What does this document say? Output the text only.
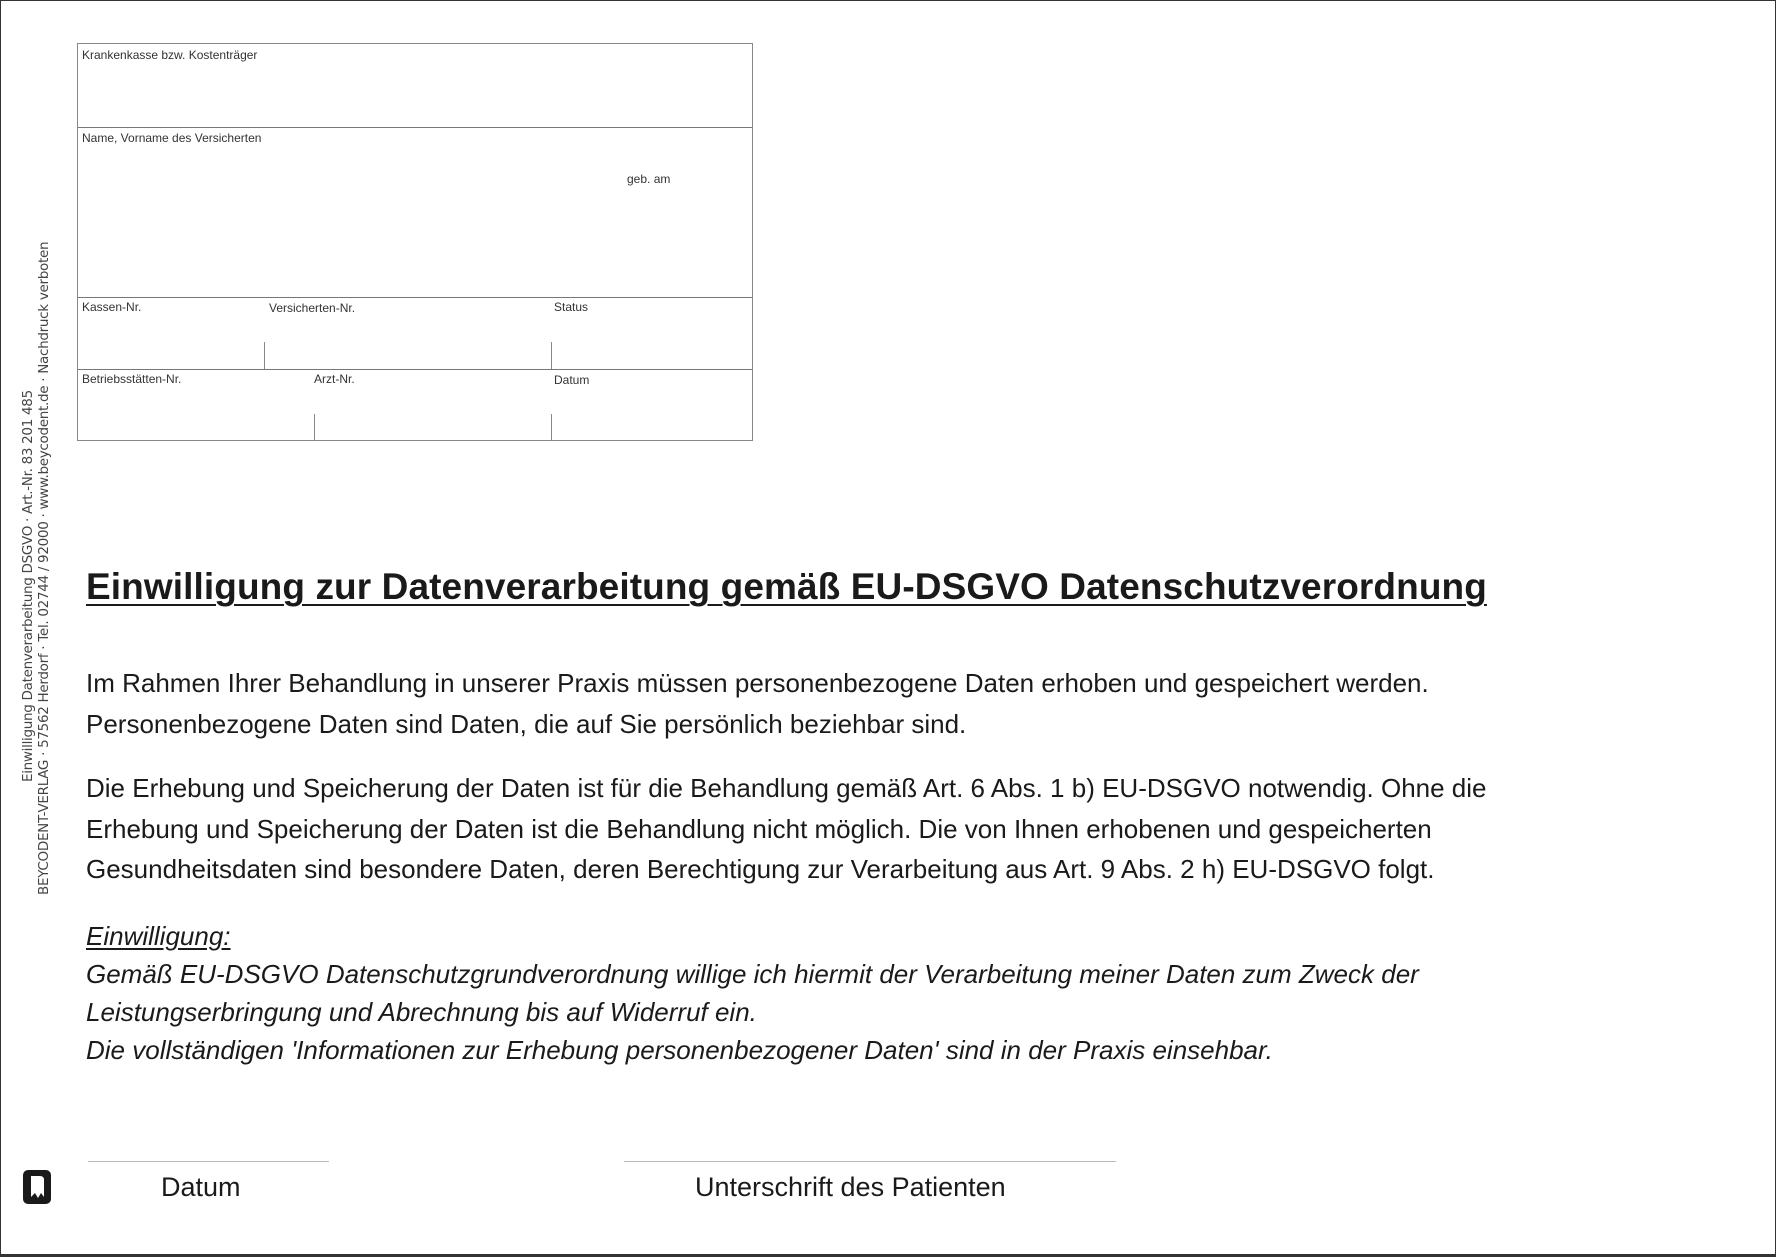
Einwilligung Datenverarbeitung DSGVO · Art.-Nr. 83 201 485 BEYCODENT-VERLAG · 57562 Herdorf · Tel. 02744 / 92000 · www.beycodent.de · Nachdruck verboten
Krankenkasse bzw. Kostenträger
Name, Vorname des Versicherten
geb. am
Kassen-Nr.	Versicherten-Nr.	Status
Betriebsstätten-Nr.	Arzt-Nr.	Datum
Einwilligung zur Datenverarbeitung gemäß EU-DSGVO Datenschutzverordnung
Im Rahmen Ihrer Behandlung in unserer Praxis müssen personenbezogene Daten erhoben und gespeichert werden.
Personenbezogene Daten sind Daten, die auf Sie persönlich beziehbar sind.
Die Erhebung und Speicherung der Daten ist für die Behandlung gemäß Art. 6 Abs. 1 b) EU-DSGVO notwendig. Ohne die
Erhebung und Speicherung der Daten ist die Behandlung nicht möglich. Die von Ihnen erhobenen und gespeicherten
Gesundheitsdaten sind besondere Daten, deren Berechtigung zur Verarbeitung aus Art. 9 Abs. 2 h) EU-DSGVO folgt.
Einwilligung:
Gemäß EU-DSGVO Datenschutzgrundverordnung willige ich hiermit der Verarbeitung meiner Daten zum Zweck der
Leistungserbringung und Abrechnung bis auf Widerruf ein.
Die vollständigen 'Informationen zur Erhebung personenbezogener Daten' sind in der Praxis einsehbar.
Datum	Unterschrift des Patienten
